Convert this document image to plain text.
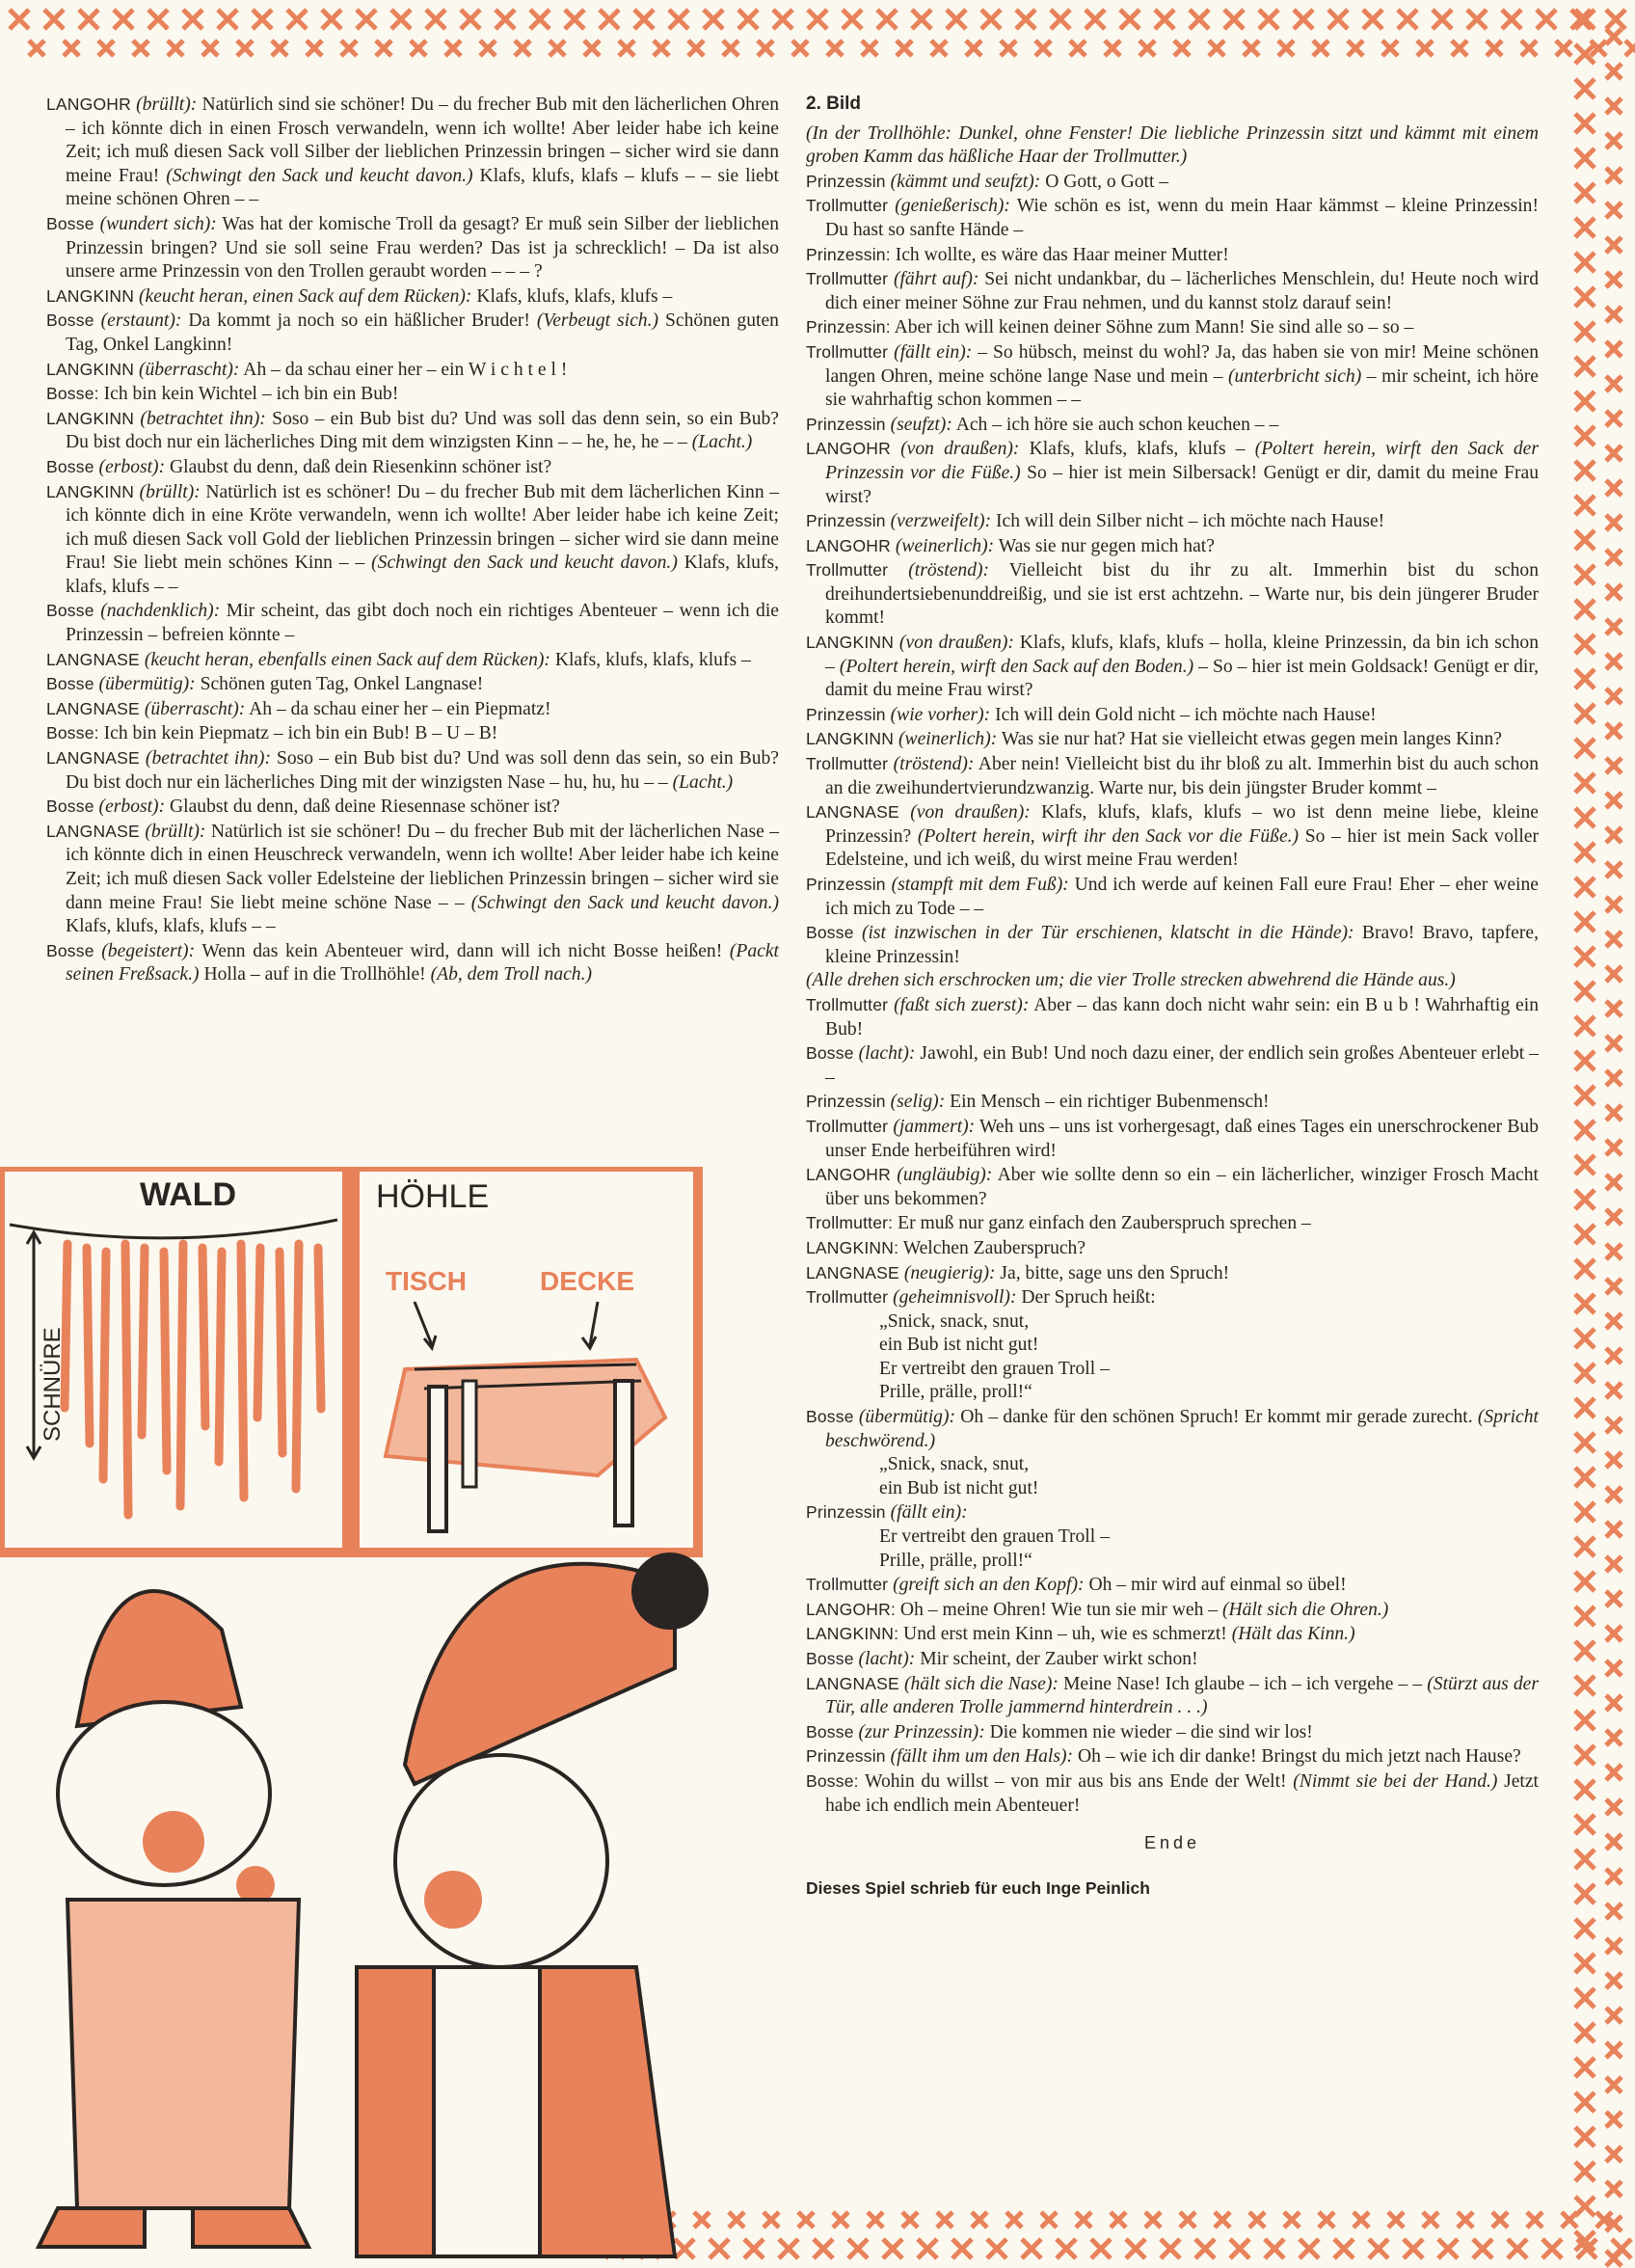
LANGOHR (brüllt): Natürlich sind sie schöner! Du – du frecher Bub mit den lächerlichen Ohren – ich könnte dich in einen Frosch verwandeln, wenn ich wollte! Aber leider habe ich keine Zeit; ich muß diesen Sack voll Silber der lieblichen Prinzessin bringen – sicher wird sie dann meine Frau! (Schwingt den Sack und keucht davon.) Klafs, klufs, klafs – klufs – – sie liebt meine schönen Ohren – –

Bosse (wundert sich): Was hat der komische Troll da gesagt? Er muß sein Silber der lieblichen Prinzessin bringen? Und sie soll seine Frau werden? Das ist ja schrecklich! – Da ist also unsere arme Prinzessin von den Trollen geraubt worden – – – ?

LANGKINN (keucht heran, einen Sack auf dem Rücken): Klafs, klufs, klafs, klufs –

Bosse (erstaunt): Da kommt ja noch so ein häßlicher Bruder! (Verbeugt sich.) Schönen guten Tag, Onkel Langkinn!

LANGKINN (überrascht): Ah – da schau einer her – ein W i c h t e l !

Bosse: Ich bin kein Wichtel – ich bin ein Bub!

LANGKINN (betrachtet ihn): Soso – ein Bub bist du? Und was soll das denn sein, so ein Bub? Du bist doch nur ein lächerliches Ding mit dem winzigsten Kinn – – he, he, he – – (Lacht.)

Bosse (erbost): Glaubst du denn, daß dein Riesenkinn schöner ist?

LANGKINN (brüllt): Natürlich ist es schöner! Du – du frecher Bub mit dem lächerlichen Kinn – ich könnte dich in eine Kröte verwandeln, wenn ich wollte! Aber leider habe ich keine Zeit; ich muß diesen Sack voll Gold der lieblichen Prinzessin bringen – sicher wird sie dann meine Frau! Sie liebt mein schönes Kinn – – (Schwingt den Sack und keucht davon.) Klafs, klufs, klafs, klufs – –

Bosse (nachdenklich): Mir scheint, das gibt doch noch ein richtiges Abenteuer – wenn ich die Prinzessin – befreien könnte –

LANGNASE (keucht heran, ebenfalls einen Sack auf dem Rücken): Klafs, klufs, klafs, klufs –

Bosse (übermütig): Schönen guten Tag, Onkel Langnase!

LANGNASE (überrascht): Ah – da schau einer her – ein Piepmatz!

Bosse: Ich bin kein Piepmatz – ich bin ein Bub! B – U – B!

LANGNASE (betrachtet ihn): Soso – ein Bub bist du? Und was soll denn das sein, so ein Bub? Du bist doch nur ein lächerliches Ding mit der winzigsten Nase – hu, hu, hu – – (Lacht.)

Bosse (erbost): Glaubst du denn, daß deine Riesennase schöner ist?

LANGNASE (brüllt): Natürlich ist sie schöner! Du – du frecher Bub mit der lächerlichen Nase – ich könnte dich in einen Heuschreck verwandeln, wenn ich wollte! Aber leider habe ich keine Zeit; ich muß diesen Sack voller Edelsteine der lieblichen Prinzessin bringen – sicher wird sie dann meine Frau! Sie liebt meine schöne Nase – – (Schwingt den Sack und keucht davon.) Klafs, klufs, klafs, klufs – –

Bosse (begeistert): Wenn das kein Abenteuer wird, dann will ich nicht Bosse heißen! (Packt seinen Freßsack.) Holla – auf in die Trollhöhle! (Ab, dem Troll nach.)

2. Bild

(In der Trollhöhle: Dunkel, ohne Fenster! Die liebliche Prinzessin sitzt und kämmt mit einem groben Kamm das häßliche Haar der Trollmutter.)

Prinzessin (kämmt und seufzt): O Gott, o Gott –

Trollmutter (genießerisch): Wie schön es ist, wenn du mein Haar kämmst – kleine Prinzessin! Du hast so sanfte Hände –

Prinzessin: Ich wollte, es wäre das Haar meiner Mutter!

Trollmutter (fährt auf): Sei nicht undankbar, du – lächerliches Menschlein, du! Heute noch wird dich einer meiner Söhne zur Frau nehmen, und du kannst stolz darauf sein!

Prinzessin: Aber ich will keinen deiner Söhne zum Mann! Sie sind alle so – so –

Trollmutter (fällt ein): – So hübsch, meinst du wohl? Ja, das haben sie von mir! Meine schönen langen Ohren, meine schöne lange Nase und mein – (unterbricht sich) – mir scheint, ich höre sie wahrhaftig schon kommen – –

Prinzessin (seufzt): Ach – ich höre sie auch schon keuchen – –

LANGOHR (von draußen): Klafs, klufs, klafs, klufs – (Poltert herein, wirft den Sack der Prinzessin vor die Füße.) So – hier ist mein Silbersack! Genügt er dir, damit du meine Frau wirst?

Prinzessin (verzweifelt): Ich will dein Silber nicht – ich möchte nach Hause!

LANGOHR (weinerlich): Was sie nur gegen mich hat?

Trollmutter (tröstend): Vielleicht bist du ihr zu alt. Immerhin bist du schon dreihundertsiebenunddreißig, und sie ist erst achtzehn. – Warte nur, bis dein jüngerer Bruder kommt!

LANGKINN (von draußen): Klafs, klufs, klafs, klufs – holla, kleine Prinzessin, da bin ich schon – (Poltert herein, wirft den Sack auf den Boden.) – So – hier ist mein Goldsack! Genügt er dir, damit du meine Frau wirst?

Prinzessin (wie vorher): Ich will dein Gold nicht – ich möchte nach Hause!

LANGKINN (weinerlich): Was sie nur hat? Hat sie vielleicht etwas gegen mein langes Kinn?

Trollmutter (tröstend): Aber nein! Vielleicht bist du ihr bloß zu alt. Immerhin bist du auch schon an die zweihundertvierundzwanzig. Warte nur, bis dein jüngster Bruder kommt –

LANGNASE (von draußen): Klafs, klufs, klafs, klufs – wo ist denn meine liebe, kleine Prinzessin? (Poltert herein, wirft ihr den Sack vor die Füße.) So – hier ist mein Sack voller Edelsteine, und ich weiß, du wirst meine Frau werden!

Prinzessin (stampft mit dem Fuß): Und ich werde auf keinen Fall eure Frau! Eher – eher weine ich mich zu Tode – –

Bosse (ist inzwischen in der Tür erschienen, klatscht in die Hände): Bravo! Bravo, tapfere, kleine Prinzessin!

(Alle drehen sich erschrocken um; die vier Trolle strecken abwehrend die Hände aus.)

Trollmutter (faßt sich zuerst): Aber – das kann doch nicht wahr sein: ein B u b ! Wahrhaftig ein Bub!

Bosse (lacht): Jawohl, ein Bub! Und noch dazu einer, der endlich sein großes Abenteuer erlebt – –

Prinzessin (selig): Ein Mensch – ein richtiger Bubenmensch!

Trollmutter (jammert): Weh uns – uns ist vorhergesagt, daß eines Tages ein unerschrockener Bub unser Ende herbeiführen wird!

LANGOHR (ungläubig): Aber wie sollte denn so ein – ein lächerlicher, winziger Frosch Macht über uns bekommen?

Trollmutter: Er muß nur ganz einfach den Zauberspruch sprechen –

LANGKINN: Welchen Zauberspruch?

LANGNASE (neugierig): Ja, bitte, sage uns den Spruch!

Trollmutter (geheimnisvoll): Der Spruch heißt:

„Snick, snack, snut,

ein Bub ist nicht gut!

Er vertreibt den grauen Troll –

Prille, prälle, proll!“

Bosse (übermütig): Oh – danke für den schönen Spruch! Er kommt mir gerade zurecht. (Spricht beschwörend.)

„Snick, snack, snut,

ein Bub ist nicht gut!

Prinzessin (fällt ein):

Er vertreibt den grauen Troll –

Prille, prälle, proll!“

Trollmutter (greift sich an den Kopf): Oh – mir wird auf einmal so übel!

LANGOHR: Oh – meine Ohren! Wie tun sie mir weh – (Hält sich die Ohren.)

LANGKINN: Und erst mein Kinn – uh, wie es schmerzt! (Hält das Kinn.)

Bosse (lacht): Mir scheint, der Zauber wirkt schon!

LANGNASE (hält sich die Nase): Meine Nase! Ich glaube – ich – ich vergehe – – (Stürzt aus der Tür, alle anderen Trolle jammernd hinterdrein . . .)

Bosse (zur Prinzessin): Die kommen nie wieder – die sind wir los!

Prinzessin (fällt ihm um den Hals): Oh – wie ich dir danke! Bringst du mich jetzt nach Hause?

Bosse: Wohin du willst – von mir aus bis ans Ende der Welt! (Nimmt sie bei der Hand.) Jetzt habe ich endlich mein Abenteuer!

Ende

Dieses Spiel schrieb für euch Inge Peinlich

WALD
SCHNÜRE
HÖHLE
TISCH	DECKE
